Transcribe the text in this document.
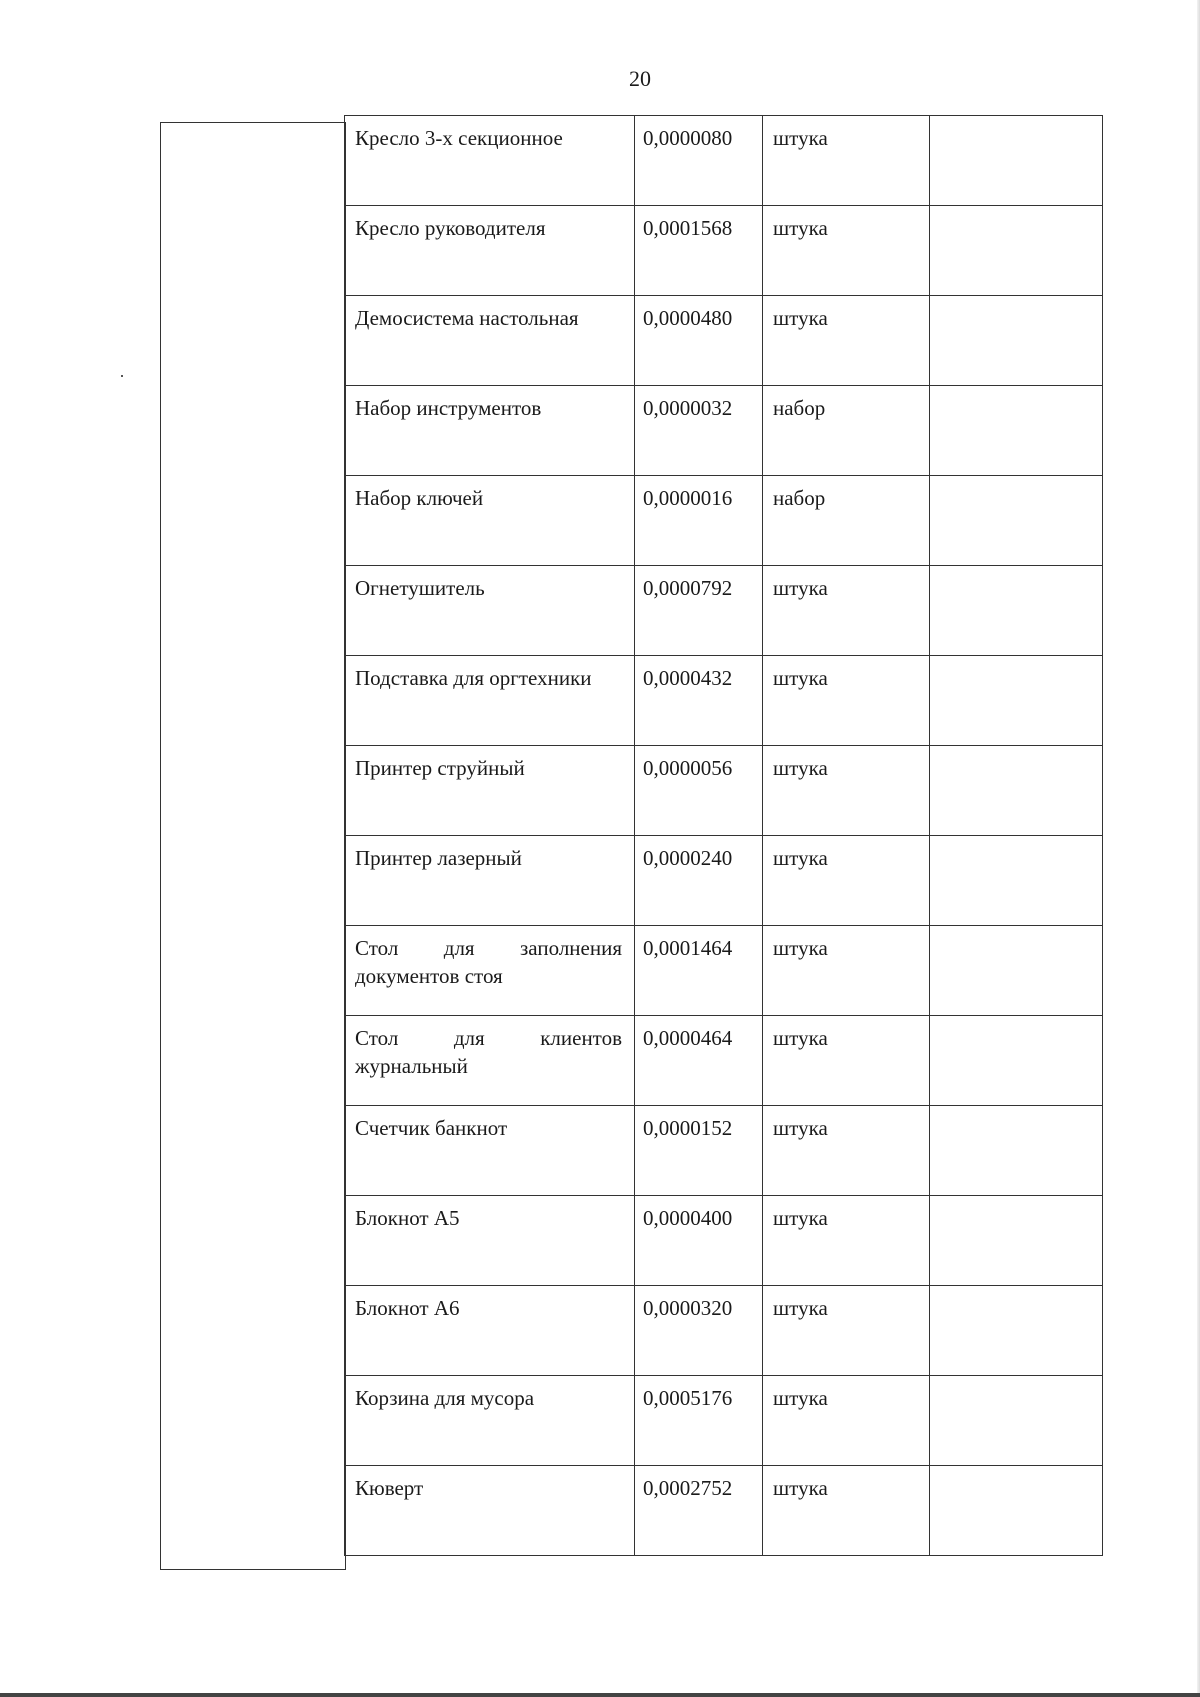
20
Кресло 3-х секционное	0,0000080	штука	
Кресло руководителя	0,0001568	штука	
Демосистема настольная	0,0000480	штука	
Набор инструментов	0,0000032	набор	
Набор ключей	0,0000016	набор	
Огнетушитель	0,0000792	штука	
Подставка для оргтехники	0,0000432	штука	
Принтер струйный	0,0000056	штука	
Принтер лазерный	0,0000240	штука	
Стол для заполнения документов стоя	0,0001464	штука	
Стол для клиентов журнальный	0,0000464	штука	
Счетчик банкнот	0,0000152	штука	
Блокнот А5	0,0000400	штука	
Блокнот А6	0,0000320	штука	
Корзина для мусора	0,0005176	штука	
Кюверт	0,0002752	штука	
